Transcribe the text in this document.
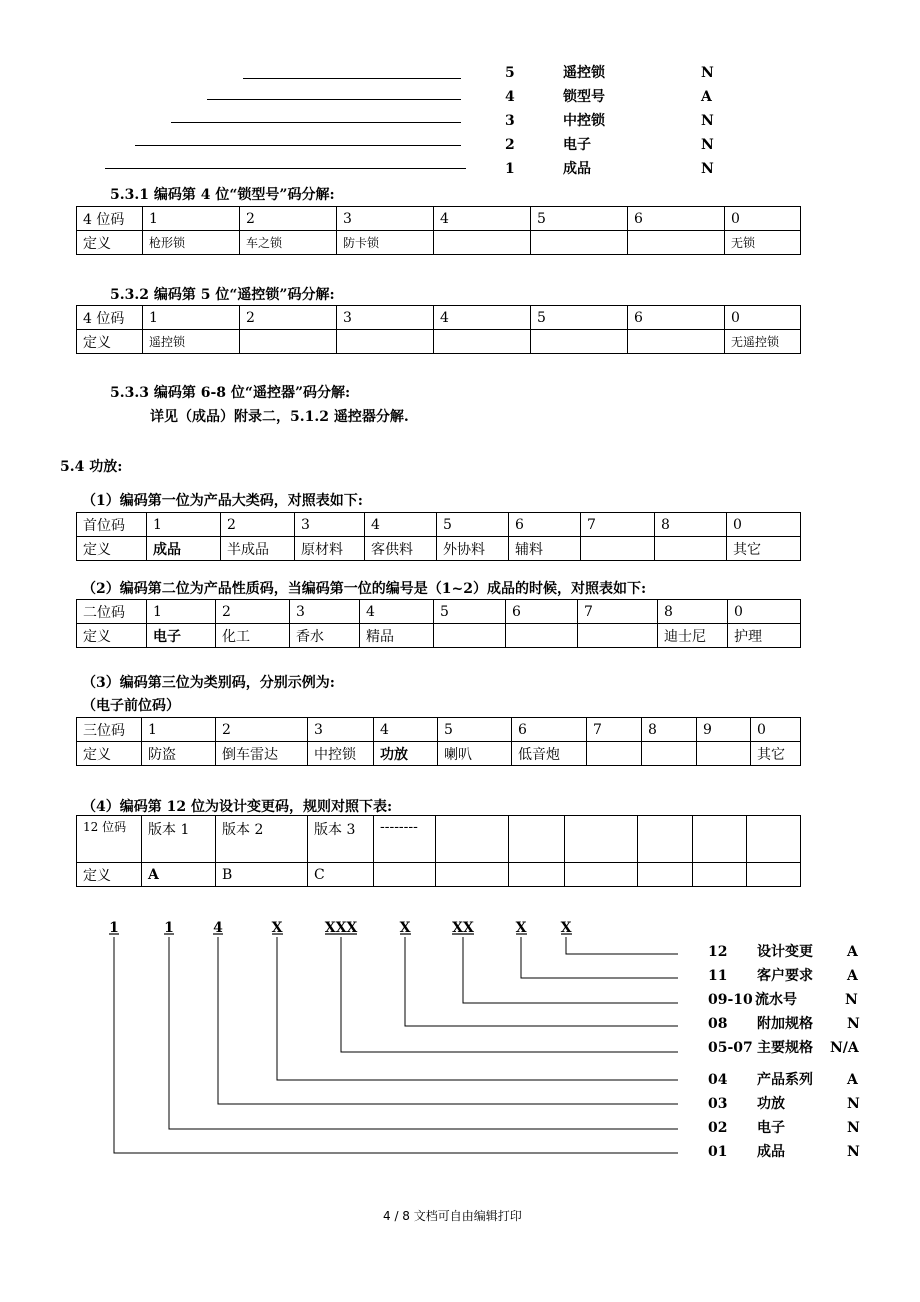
5	遥控锁	N
4	锁型号	A
3	中控锁	N
2	电子	N
1	成品	N
5.3.1 编码第 4 位“锁型号”码分解:
4 位码	1	2	3	4	5	6	0
定义	枪形锁	车之锁	防卡锁				无锁
5.3.2 编码第 5 位“遥控锁”码分解:
4 位码	1	2	3	4	5	6	0
定义	遥控锁						无遥控锁
5.3.3 编码第 6-8 位“遥控器”码分解:
详见（成品）附录二，5.1.2 遥控器分解.
5.4 功放:
（1）编码第一位为产品大类码，对照表如下:
首位码	1	2	3	4	5	6	7	8	0
定义	成品	半成品	原材料	客供料	外协料	辅料			其它
（2）编码第二位为产品性质码，当编码第一位的编号是（1~2）成品的时候，对照表如下:
二位码	1	2	3	4	5	6	7	8	0
定义	电子	化工	香水	精品				迪士尼	护理
（3）编码第三位为类别码，分别示例为:
（电子前位码）
三位码	1	2	3	4	5	6	7	8	9	0
定义	防盗	倒车雷达	中控锁	功放	喇叭	低音炮				其它
（4）编码第 12 位为设计变更码，规则对照下表:
12 位码	版本 1	版本 2	版本 3	--------						
定义	A	B	C							
1	1	4	X	XXX	X	XX	X X
12 设计变更 A
11 客户要求 A
09-10 流水号	N
08 附加规格 N
05-07 主要规格 N/A
04 产品系列 A
03 功放	N
02 电子	N
01 成品	N
4 / 8 文档可自由编辑打印
